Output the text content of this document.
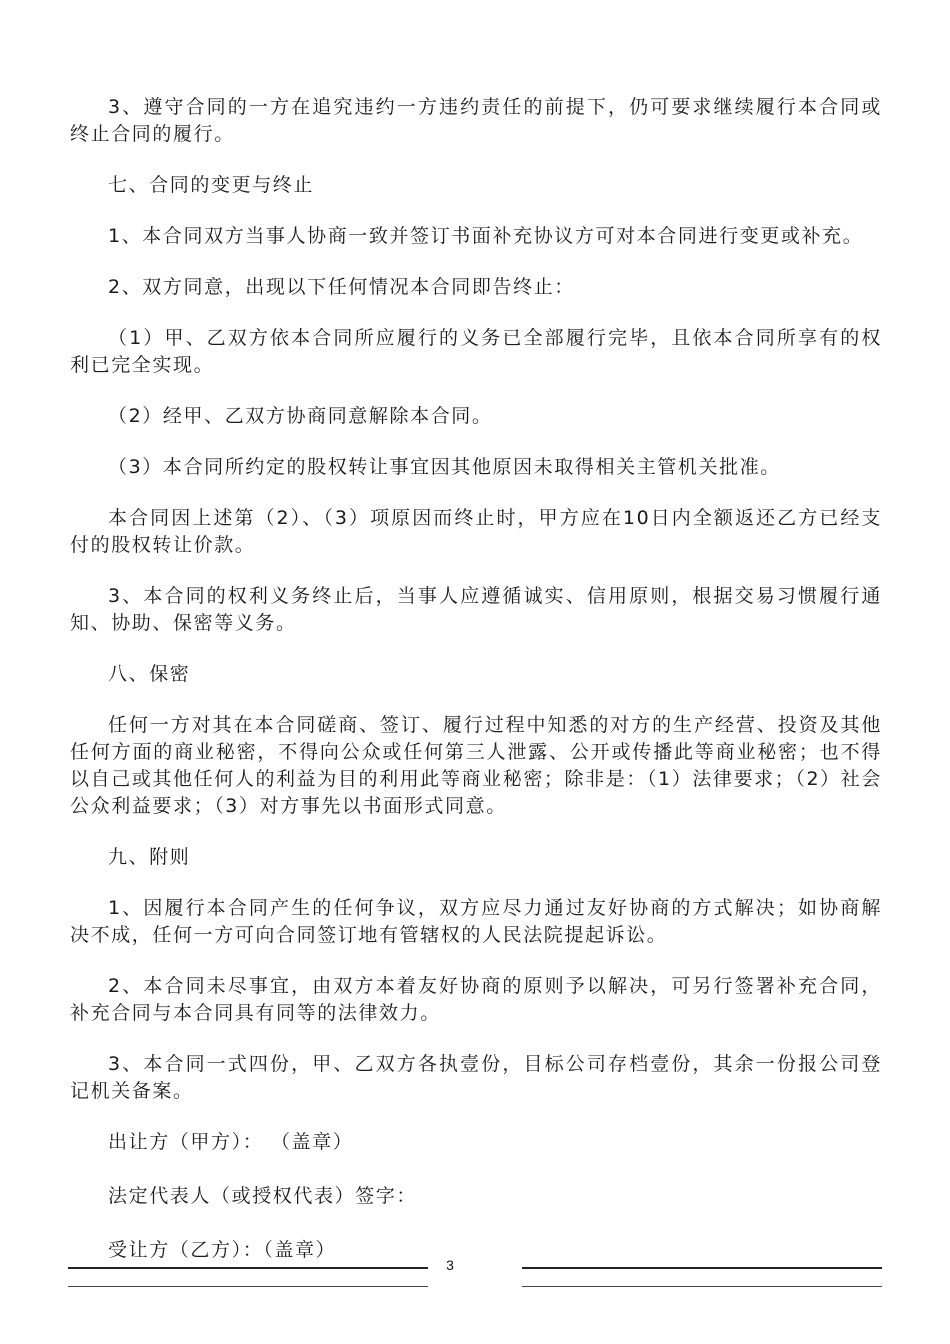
3、遵守合同的一方在追究违约一方违约责任的前提下，仍可要求继续履行本合同或终止合同的履行。

七、合同的变更与终止

1、本合同双方当事人协商一致并签订书面补充协议方可对本合同进行变更或补充。

2、双方同意，出现以下任何情况本合同即告终止：

（1）甲、乙双方依本合同所应履行的义务已全部履行完毕，且依本合同所享有的权利已完全实现。

（2）经甲、乙双方协商同意解除本合同。

（3）本合同所约定的股权转让事宜因其他原因未取得相关主管机关批准。

本合同因上述第（2）、（3）项原因而终止时，甲方应在10日内全额返还乙方已经支付的股权转让价款。

3、本合同的权利义务终止后，当事人应遵循诚实、信用原则，根据交易习惯履行通知、协助、保密等义务。

八、保密

任何一方对其在本合同磋商、签订、履行过程中知悉的对方的生产经营、投资及其他任何方面的商业秘密，不得向公众或任何第三人泄露、公开或传播此等商业秘密；也不得以自己或其他任何人的利益为目的利用此等商业秘密；除非是：（1）法律要求；（2）社会公众利益要求；（3）对方事先以书面形式同意。

九、附则

1、因履行本合同产生的任何争议，双方应尽力通过友好协商的方式解决；如协商解决不成，任何一方可向合同签订地有管辖权的人民法院提起诉讼。

2、本合同未尽事宜，由双方本着友好协商的原则予以解决，可另行签署补充合同，补充合同与本合同具有同等的法律效力。

3、本合同一式四份，甲、乙双方各执壹份，目标公司存档壹份，其余一份报公司登记机关备案。

出让方（甲方）： （盖章）
法定代表人（或授权代表）签字：
受让方（乙方）：（盖章）
3
